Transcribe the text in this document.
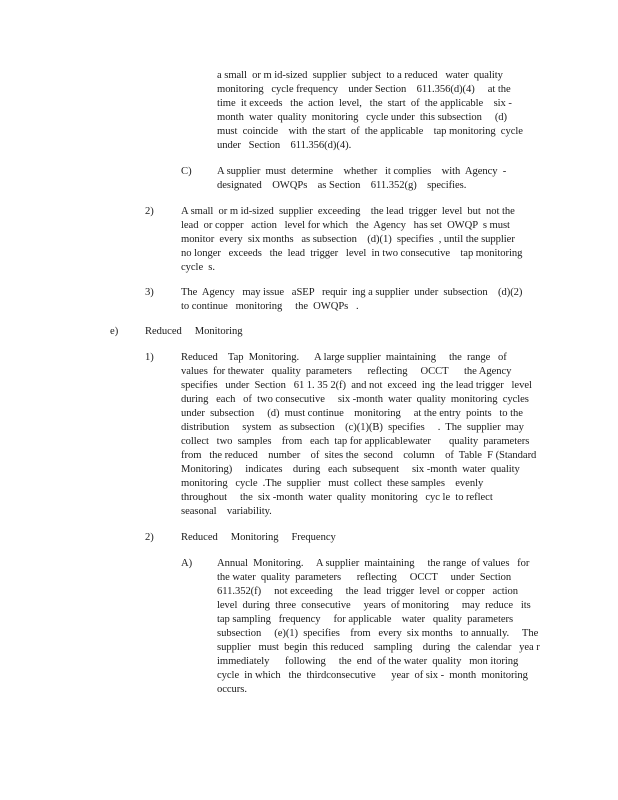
a small  or m id-sized  supplier  subject  to a reduced   water  quality
monitoring   cycle frequency    under Section    611.356(d)(4)     at the
time  it exceeds   the  action  level,   the  start  of  the applicable    six -
month  water  quality  monitoring   cycle under  this subsection     (d)
must  coincide    with  the start  of  the applicable    tap monitoring  cycle
under   Section    611.356(d)(4).
C) A supplier  must  determine    whether   it complies    with  Agency  -
designated    OWQPs    as Section    611.352(g)    specifies.
2)	A small  or m id-sized  supplier  exceeding    the lead  trigger  level  but  not the
lead  or copper   action   level for which   the  Agency   has set  OWQP  s must
monitor  every  six months   as subsection    (d)(1)  specifies  , until the supplier
no longer   exceeds   the  lead  trigger   level  in two consecutive    tap monitoring
cycle  s.
3)	The  Agency   may issue   aSEP   requir  ing a supplier  under  subsection    (d)(2)
to continue   monitoring     the  OWQPs   .
e)	Reduced     Monitoring
1)	Reduced    Tap  Monitoring.      A large supplier  maintaining     the  range   of
values  for thewater   quality  parameters      reflecting     OCCT      the Agency
specifies   under  Section   61 1. 35 2(f)  and not  exceed  ing  the lead trigger   level
during   each   of  two consecutive     six -month  water  quality  monitoring  cycles
under  subsection     (d)  must continue    monitoring     at the entry  points   to the
distribution     system   as subsection    (c)(1)(B)  specifies     .  The  supplier  may
collect   two  samples    from   each  tap for applicablewater       quality  parameters
from   the reduced    number    of  sites the  second    column    of  Table  F (Standard
Monitoring)     indicates    during   each  subsequent     six -month  water  quality
monitoring   cycle  .The  supplier   must  collect  these samples    evenly
throughout     the  six -month  water  quality  monitoring   cyc le  to reflect
seasonal    variability.
2)	Reduced     Monitoring     Frequency
A) Annual  Monitoring.     A supplier  maintaining     the range  of values   for
the water  quality  parameters      reflecting     OCCT     under  Section
611.352(f)     not exceeding     the  lead  trigger  level  or copper   action
level  during  three  consecutive     years  of monitoring     may  reduce   its
tap sampling   frequency     for applicable    water   quality  parameters
subsection     (e)(1)  specifies    from   every  six months   to annually.     The
supplier   must  begin  this reduced    sampling    during   the  calendar   yea r
immediately      following     the  end  of the water  quality   mon itoring
cycle  in which   the  thirdconsecutive      year  of six -  month  monitoring
occurs.
